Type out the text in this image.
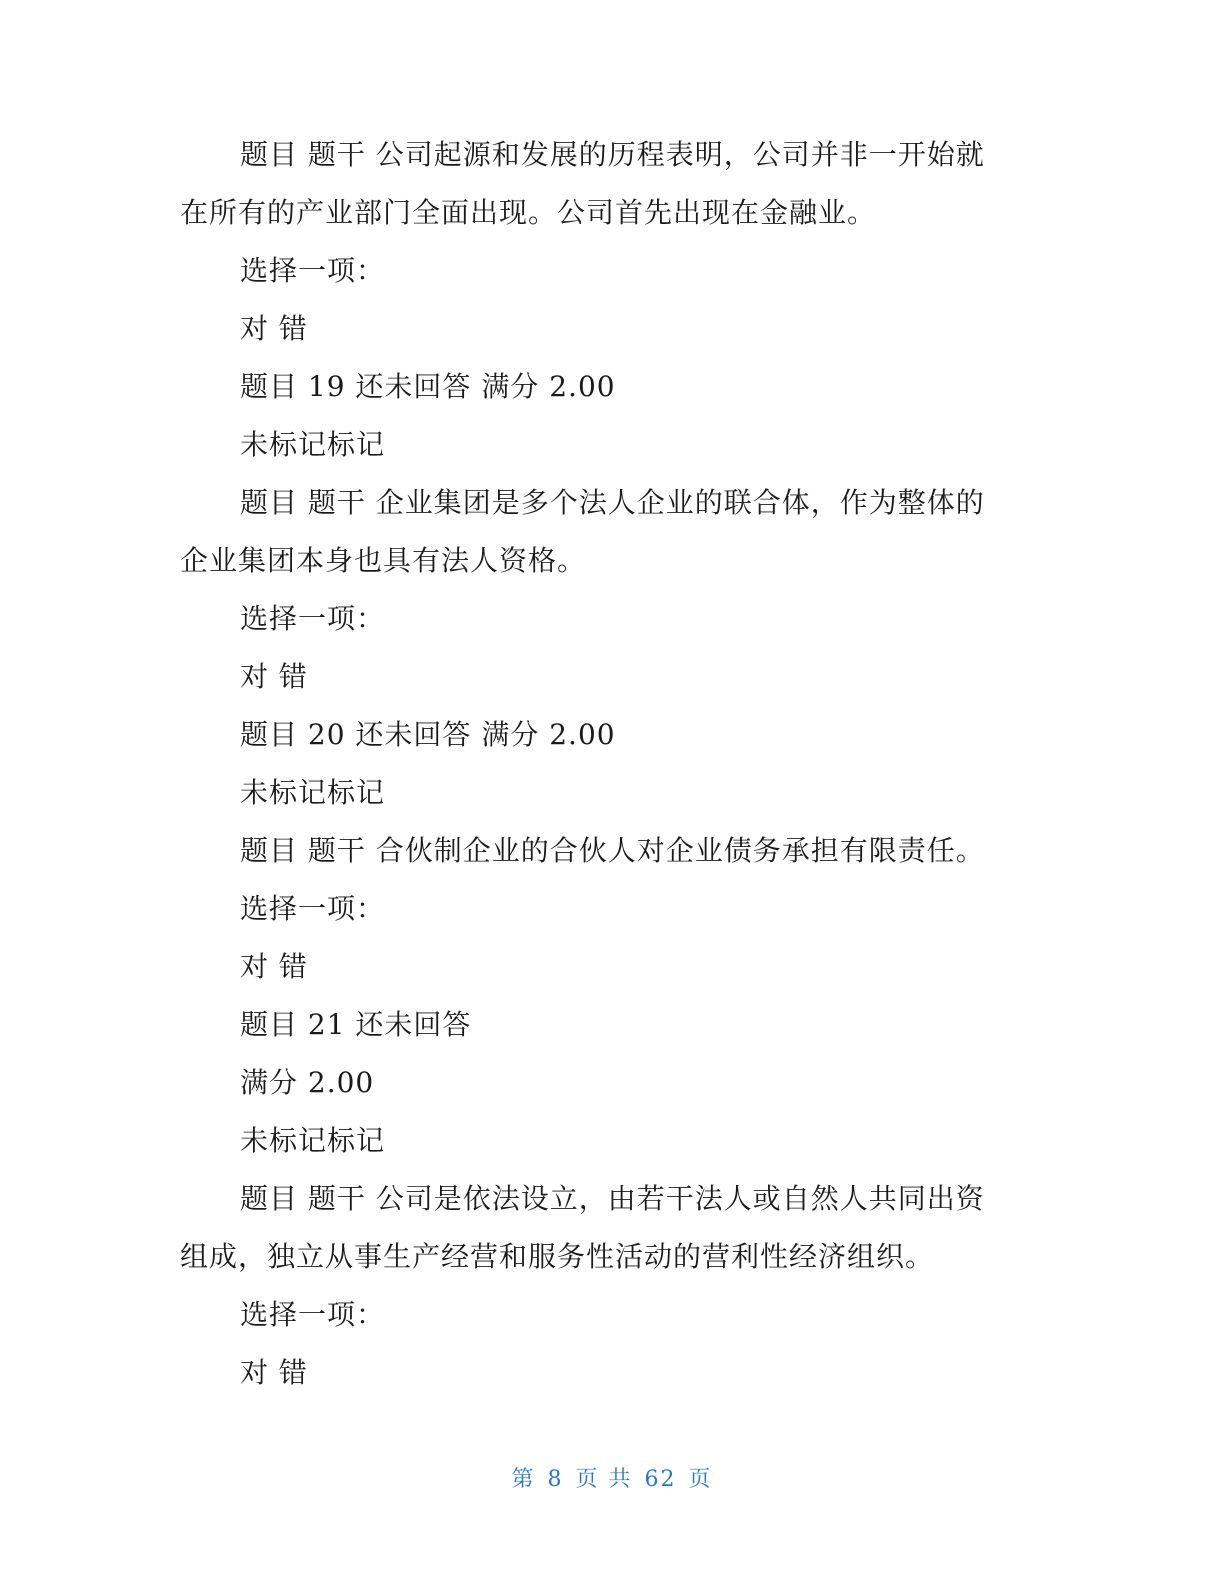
题目 题干 公司起源和发展的历程表明，公司并非一开始就
在所有的产业部门全面出现。公司首先出现在金融业。
选择一项：
对 错
题目 19 还未回答 满分 2.00
未标记标记
题目 题干 企业集团是多个法人企业的联合体，作为整体的
企业集团本身也具有法人资格。
选择一项：
对 错
题目 20 还未回答 满分 2.00
未标记标记
题目 题干 合伙制企业的合伙人对企业债务承担有限责任。
选择一项：
对 错
题目 21 还未回答
满分 2.00
未标记标记
题目 题干 公司是依法设立，由若干法人或自然人共同出资
组成，独立从事生产经营和服务性活动的营利性经济组织。
选择一项：
对 错
第 8 页 共 62 页
